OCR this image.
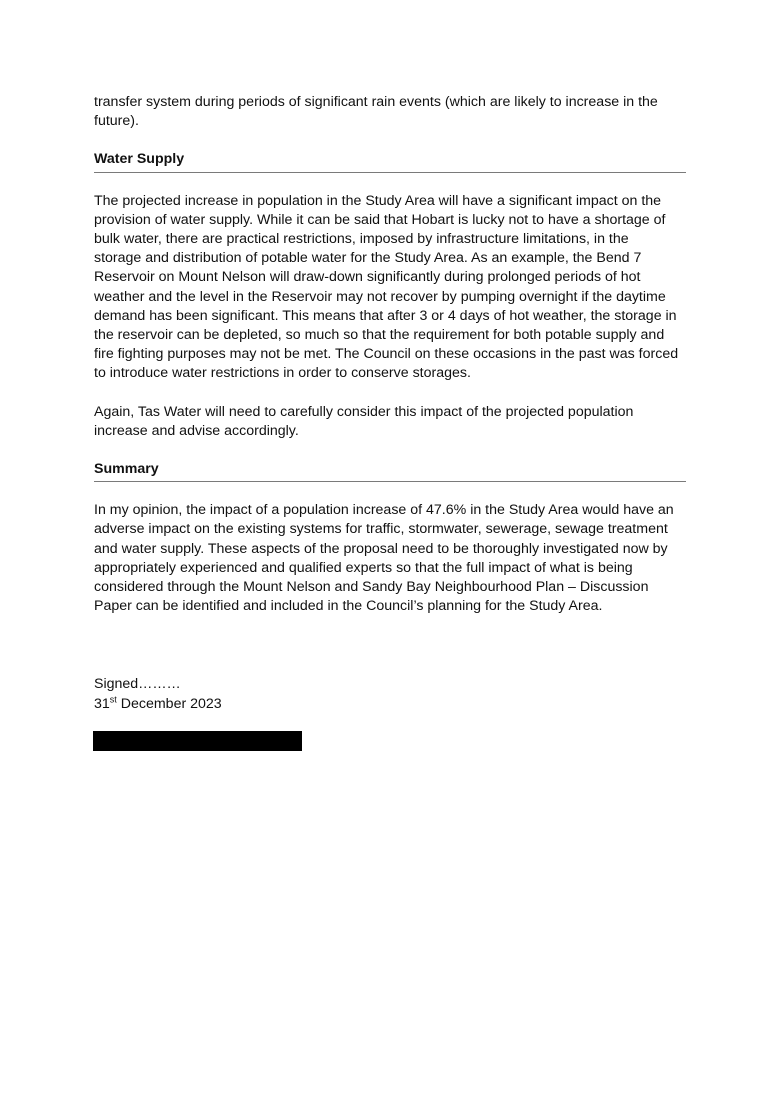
transfer system during periods of significant rain events (which are likely to increase in the
future).

Water Supply

The projected increase in population in the Study Area will have a significant impact on the
provision of water supply. While it can be said that Hobart is lucky not to have a shortage of
bulk water, there are practical restrictions, imposed by infrastructure limitations, in the
storage and distribution of potable water for the Study Area. As an example, the Bend 7
Reservoir on Mount Nelson will draw-down significantly during prolonged periods of hot
weather and the level in the Reservoir may not recover by pumping overnight if the daytime
demand has been significant. This means that after 3 or 4 days of hot weather, the storage in
the reservoir can be depleted, so much so that the requirement for both potable supply and
fire fighting purposes may not be met. The Council on these occasions in the past was forced
to introduce water restrictions in order to conserve storages.

Again, Tas Water will need to carefully consider this impact of the projected population
increase and advise accordingly.

Summary

In my opinion, the impact of a population increase of 47.6% in the Study Area would have an
adverse impact on the existing systems for traffic, stormwater, sewerage, sewage treatment
and water supply. These aspects of the proposal need to be thoroughly investigated now by
appropriately experienced and qualified experts so that the full impact of what is being
considered through the Mount Nelson and Sandy Bay Neighbourhood Plan – Discussion
Paper can be identified and included in the Council’s planning for the Study Area.

Signed………

31st December 2023
